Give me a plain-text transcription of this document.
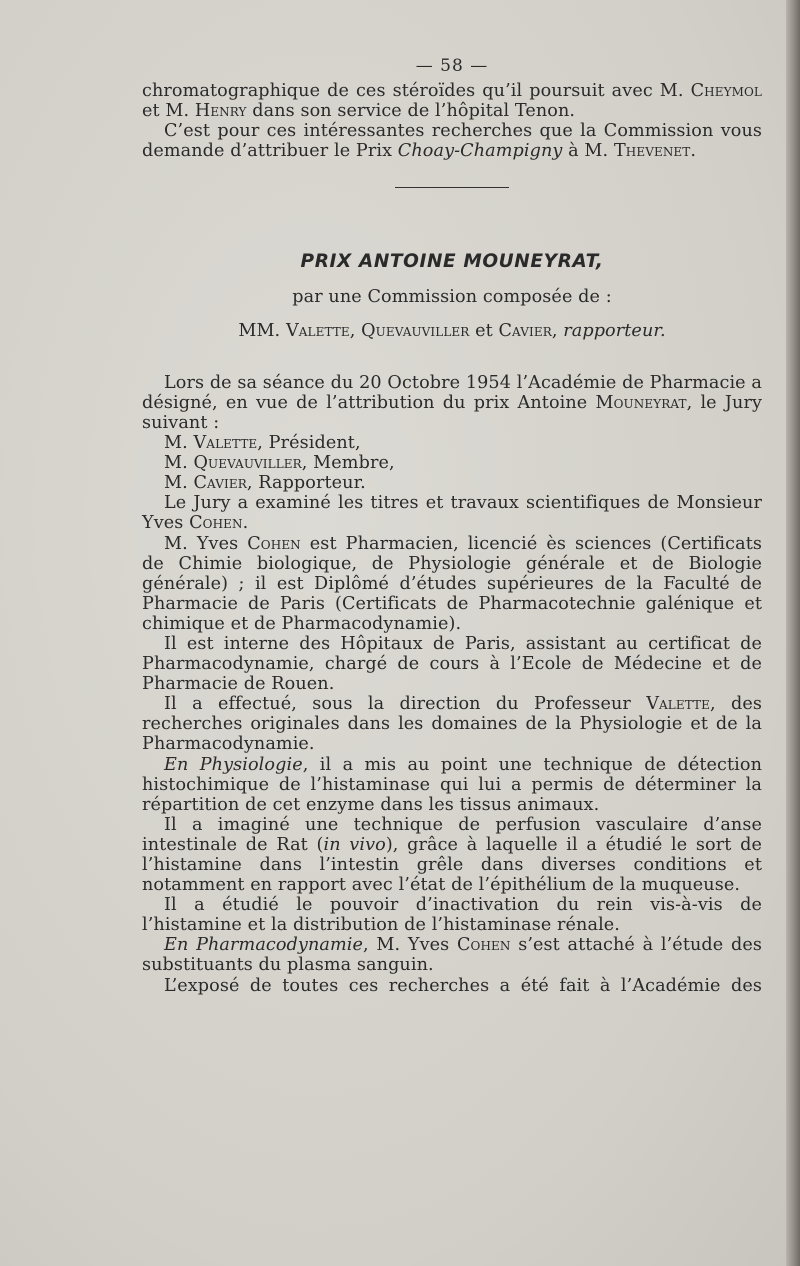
— 58 —

chromatographique de ces stéroïdes qu’il poursuit avec M. Cheymol et M. Henry dans son service de l’hôpital Tenon.

C’est pour ces intéressantes recherches que la Commission vous demande d’attribuer le Prix Choay-Champigny à M. Thevenet.

PRIX ANTOINE MOUNEYRAT,
par une Commission composée de :
MM. Valette, Quevauviller et Cavier, rapporteur.

Lors de sa séance du 20 Octobre 1954 l’Académie de Pharmacie a désigné, en vue de l’attribution du prix Antoine Mouneyrat, le Jury suivant :

M. Valette, Président,
M. Quevauviller, Membre,
M. Cavier, Rapporteur.

Le Jury a examiné les titres et travaux scientifiques de Monsieur Yves Cohen.

M. Yves Cohen est Pharmacien, licencié ès sciences (Certificats de Chimie biologique, de Physiologie générale et de Biologie générale) ; il est Diplômé d’études supérieures de la Faculté de Pharmacie de Paris (Certificats de Pharmacotechnie galénique et chimique et de Pharmacodynamie).

Il est interne des Hôpitaux de Paris, assistant au certificat de Pharmacodynamie, chargé de cours à l’Ecole de Médecine et de Pharmacie de Rouen.

Il a effectué, sous la direction du Professeur Valette, des recherches originales dans les domaines de la Physiologie et de la Pharmacodynamie.

En Physiologie, il a mis au point une technique de détection histochimique de l’histaminase qui lui a permis de déterminer la répartition de cet enzyme dans les tissus animaux.

Il a imaginé une technique de perfusion vasculaire d’anse intestinale de Rat (in vivo), grâce à laquelle il a étudié le sort de l’histamine dans l’intestin grêle dans diverses conditions et notamment en rapport avec l’état de l’épithélium de la muqueuse.

Il a étudié le pouvoir d’inactivation du rein vis-à-vis de l’histamine et la distribution de l’histaminase rénale.

En Pharmacodynamie, M. Yves Cohen s’est attaché à l’étude des substituants du plasma sanguin.

L’exposé de toutes ces recherches a été fait à l’Académie des
